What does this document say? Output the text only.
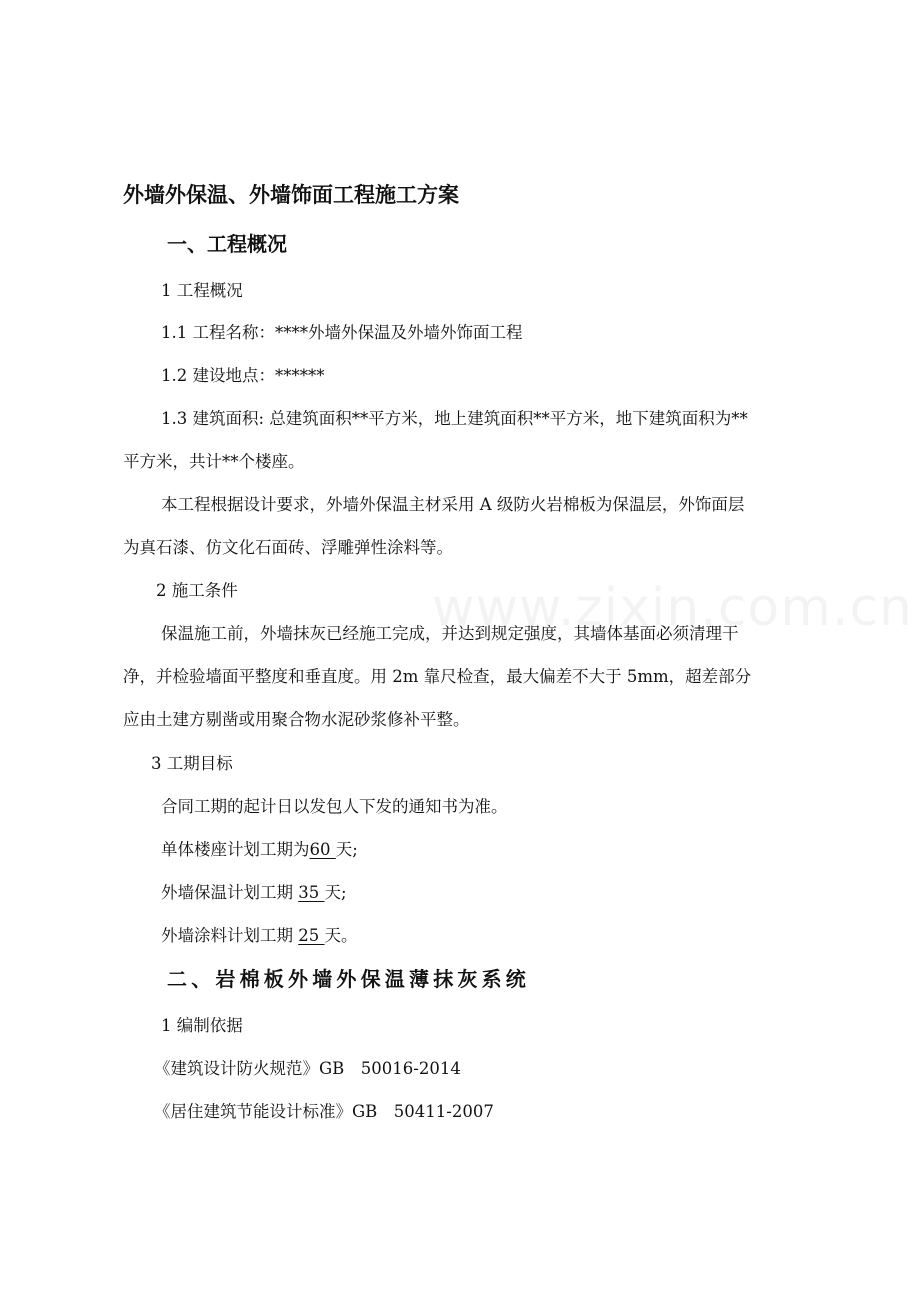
外墙外保温、外墙饰面工程施工方案
一、工程概况
1 工程概况
1.1 工程名称：****外墙外保温及外墙外饰面工程
1.2 建设地点：******
1.3 建筑面积: 总建筑面积**平方米，地上建筑面积**平方米，地下建筑面积为**
平方米，共计**个楼座。
本工程根据设计要求，外墙外保温主材采用 A 级防火岩棉板为保温层，外饰面层
为真石漆、仿文化石面砖、浮雕弹性涂料等。
2 施工条件
保温施工前，外墙抹灰已经施工完成，并达到规定强度，其墙体基面必须清理干
净，并检验墙面平整度和垂直度。用 2m 靠尺检查，最大偏差不大于 5mm，超差部分
应由土建方剔凿或用聚合物水泥砂浆修补平整。
3 工期目标
合同工期的起计日以发包人下发的通知书为准。
单体楼座计划工期为60 天;
外墙保温计划工期 35 天;
外墙涂料计划工期 25 天。
二、岩棉板外墙外保温薄抹灰系统
1 编制依据
《建筑设计防火规范》GB　50016-2014
《居住建筑节能设计标准》GB　50411-2007
